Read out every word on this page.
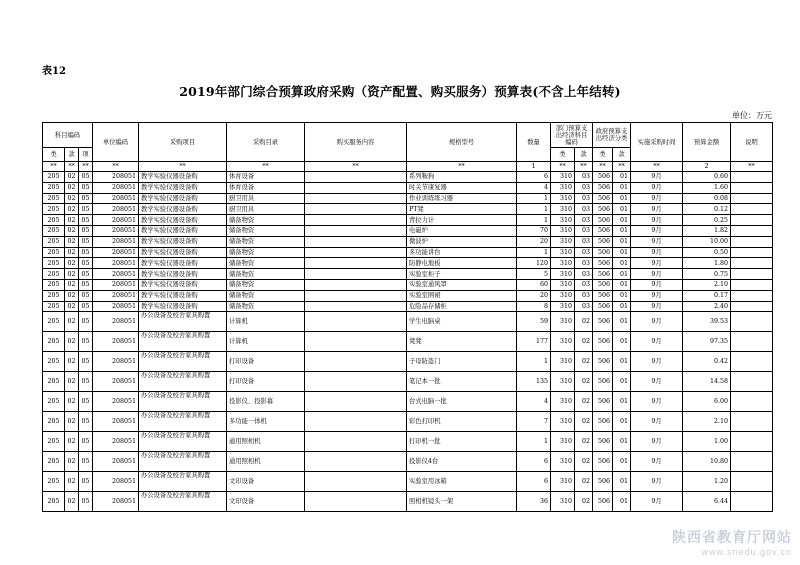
表12
2019年部门综合预算政府采购（资产配置、购买服务）预算表(不含上年结转)
单位：万元
科目编码			单位编码	采购项目	采购目录	购买服务内容	规格型号	数量	部门预算支出经济科目编码		政府预算支出经济分类		实施采购时间	预算金额	说明
类	款	项							类	款	类	款			
**	**	**	**	**	**	**	**	1	**	**	**	**	**	2	**
205	02	05	208051	教学实验仪器设备购	体育设备		系列鞍狗	6	310	03	506	01	9月	0.60	
205	02	05	208051	教学实验仪器设备购	体育设备		时关节康复器	4	310	03	506	01	9月	1.60	
205	02	05	208051	教学实验仪器设备购	厨卫用具		作业训练练习器	1	310	03	506	01	9月	0.08	
205	02	05	208051	教学实验仪器设备购	厨卫用具		PT凳	1	310	03	506	01	9月	0.12	
205	02	05	208051	教学实验仪器设备购	储备物资		背拉力计	1	310	03	506	01	9月	0.25	
205	02	05	208051	教学实验仪器设备购	储备物资		电磁炉	70	310	03	506	01	9月	1.82	
205	02	05	208051	教学实验仪器设备购	储备物资		微波炉	20	310	03	506	01	9月	10.00	
205	02	05	208051	教学实验仪器设备购	储备物资		多功能讲台	1	310	03	506	01	9月	0.50	
205	02	05	208051	教学实验仪器设备购	储备物资		防静电地板	120	310	03	506	01	9月	1.80	
205	02	05	208051	教学实验仪器设备购	储备物资		实验室柜子	5	310	03	506	01	9月	0.75	
205	02	05	208051	教学实验仪器设备购	储备物资		实验室通风罩	60	310	03	506	01	9月	2.10	
205	02	05	208051	教学实验仪器设备购	储备物资		实验室围裙	20	310	03	506	01	9月	0.17	
205	02	05	208051	教学实验仪器设备购	储备物资		危险品存储柜	8	310	03	506	01	9月	2.40	
205	02	05	208051	办公设备及校舍家具购置	计算机		学生电脑桌	59	310	02	506	01	9月	39.53	
205	02	05	208051	办公设备及校舍家具购置	计算机		凳凳	177	310	02	506	01	9月	97.35	
205	02	05	208051	办公设备及校舍家具购置	打印设备		子母防盗门	1	310	02	506	01	9月	0.42	
205	02	05	208051	办公设备及校舍家具购置	打印设备		笔记本一批	135	310	02	506	01	9月	14.58	
205	02	05	208051	办公设备及校舍家具购置	投影仪、投影幕		台式电脑一批	4	310	02	506	01	9月	6.00	
205	02	05	208051	办公设备及校舍家具购置	多功能一体机		彩色打印机	7	310	02	506	01	9月	2.10	
205	02	05	208051	办公设备及校舍家具购置	通用照相机		打印机一批	1	310	02	506	01	9月	1.00	
205	02	05	208051	办公设备及校舍家具购置	通用照相机		投影仪4台	6	310	02	506	01	9月	10.80	
205	02	05	208051	办公设备及校舍家具购置	文印设备		实验室用冰箱	6	310	02	506	01	9月	1.20	
205	02	05	208051	办公设备及校舍家具购置	文印设备		照相机镜头一架	36	310	02	506	01	9月	6.44	
陕西省教育厅网站
www.snedu.gov.cn
